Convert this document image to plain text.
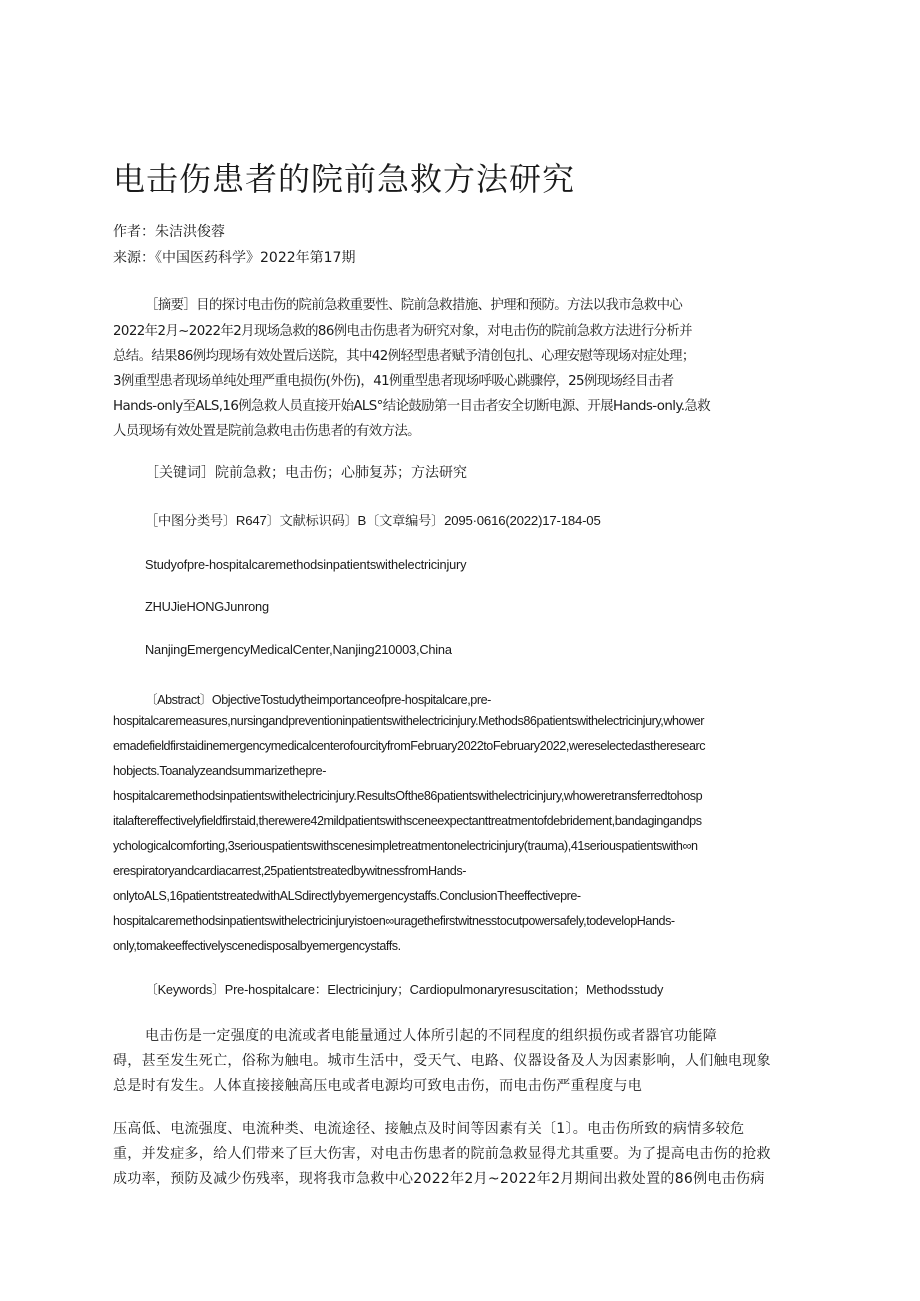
电击伤患者的院前急救方法研究
作者：朱洁洪俊蓉
来源：《中国医药科学》2022年第17期
［摘要］目的探讨电击伤的院前急救重要性、院前急救措施、护理和预防。方法以我市急救中心
2022年2月~2022年2月现场急救的86例电击伤患者为研究对象，对电击伤的院前急救方法进行分析并
总结。结果86例均现场有效处置后送院，其中42例轻型患者赋予清创包扎、心理安慰等现场对症处理；
3例重型患者现场单纯处理严重电损伤(外伤)，41例重型患者现场呼吸心跳骤停，25例现场经目击者
Hands-only至ALS,16例急救人员直接开始ALS°结论鼓励第一目击者安全切断电源、开展Hands-only.急救
人员现场有效处置是院前急救电击伤患者的有效方法。
［关键词］院前急救；电击伤；心肺复苏；方法研究
［中图分类号〕R647〕文献标识码〕B〔文章编号〕2095·0616(2022)17-184-05
Studyofpre-hospitalcaremethodsinpatientswithelectricinjury
ZHUJieHONGJunrong
NanjingEmergencyMedicalCenter,Nanjing210003,China
〔Abstract〕ObjectiveTostudytheimportanceofpre-hospitalcare,pre-
hospitalcaremeasures,nursingandpreventioninpatientswithelectricinjury.Methods86patientswithelectricinjury,whower
emadefieldfirstaidinemergencymedicalcenterofourcityfromFebruary2022toFebruary2022,wereselectedastheresearc
hobjects.Toanalyzeandsummarizethepre-
hospitalcaremethodsinpatientswithelectricinjury.ResultsOfthe86patientswithelectricinjury,whoweretransferredtohosp
italaftereffectivelyfieldfirstaid,therewere42mildpatientswithsceneexpectanttreatmentofdebridement,bandagingandps
ychologicalcomforting,3seriouspatientswithscenesimpletreatmentonelectricinjury(trauma),41seriouspatientswith∞n
erespiratoryandcardiacarrest,25patientstreatedbywitnessfromHands-
onlytoALS,16patientstreatedwithALSdirectlybyemergencystaffs.ConclusionTheeffectivepre-
hospitalcaremethodsinpatientswithelectricinjuryistoen∞uragethefirstwitnesstocutpowersafely,todevelopHands-
only,tomakeeffectivelyscenedisposalbyemergencystaffs.
〔Keywords〕Pre-hospitalcare：Electricinjury；Cardiopulmonaryresuscitation；Methodsstudy
电击伤是一定强度的电流或者电能量通过人体所引起的不同程度的组织损伤或者器官功能障
碍，甚至发生死亡，俗称为触电。城市生活中，受天气、电路、仪器设备及人为因素影响，人们触电现象
总是时有发生。人体直接接触高压电或者电源均可致电击伤，而电击伤严重程度与电
压高低、电流强度、电流种类、电流途径、接触点及时间等因素有关〔1〕。电击伤所致的病情多较危
重，并发症多，给人们带来了巨大伤害，对电击伤患者的院前急救显得尤其重要。为了提高电击伤的抢救
成功率，预防及减少伤残率，现将我市急救中心2022年2月~2022年2月期间出救处置的86例电击伤病
